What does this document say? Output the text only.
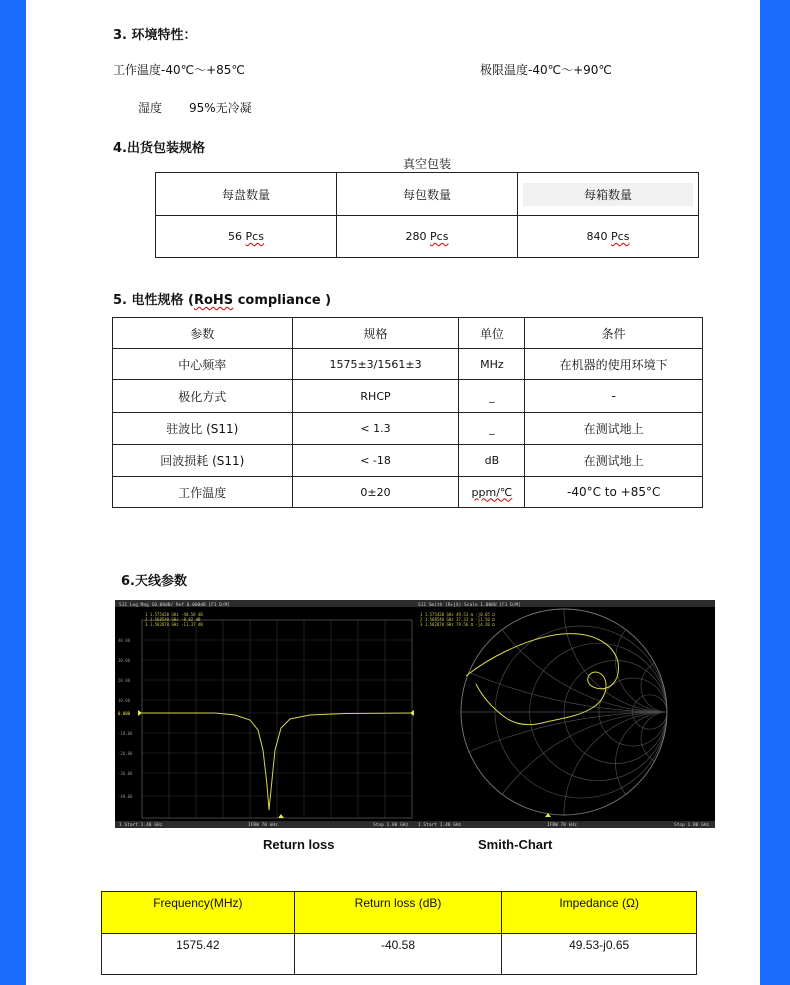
3. 环境特性：
工作温度-40℃～+85℃	极限温度-40℃～+90℃
湿度 95%无冷凝
4.出货包装规格
真空包装
每盘数量	每包数量	每箱数量
56 Pcs	280 Pcs	840 Pcs
5. 电性规格 (RoHS compliance )
参数	规格	单位	条件
中心频率	1575±3/1561±3	MHz	在机器的使用环境下
极化方式	RHCP	_	-
驻波比 (S11)	< 1.3	_	在测试地上
回波损耗 (S11)	< -18	dB	在测试地上
工作温度	0±20	ppm/℃	-40°C to +85°C
6.天线参数
S11 Log Mag 10.00dB/ Ref 0.000dB [F1 D/M]
40.00
30.00
20.00
10.00
-10.00
-20.00
-30.00
-40.00
0.000
1 1.575420 GHz -40.58 dB
2 1.568540 GHz -8.82 dB
3 1.582870 GHz -11.37 dB
1 Start 1.40 GHz	IFBW 70 kHz	Stop 1.80 GHz
S11 Smith (R+jX) Scale 1.000U [F1 D/M]
1 1.575420 GHz 49.53 Ω -j0.65 Ω
2 1.568540 GHz 37.33 Ω -j1.50 Ω
3 1.582870 GHz 79.56 Ω -j4.20 Ω
1 Start 1.40 GHz	IFBW 70 kHz	Stop 1.80 GHz
Return loss	Smith-Chart
Frequency(MHz)	Return loss (dB)	Impedance (Ω)
1575.42	-40.58	49.53-j0.65
